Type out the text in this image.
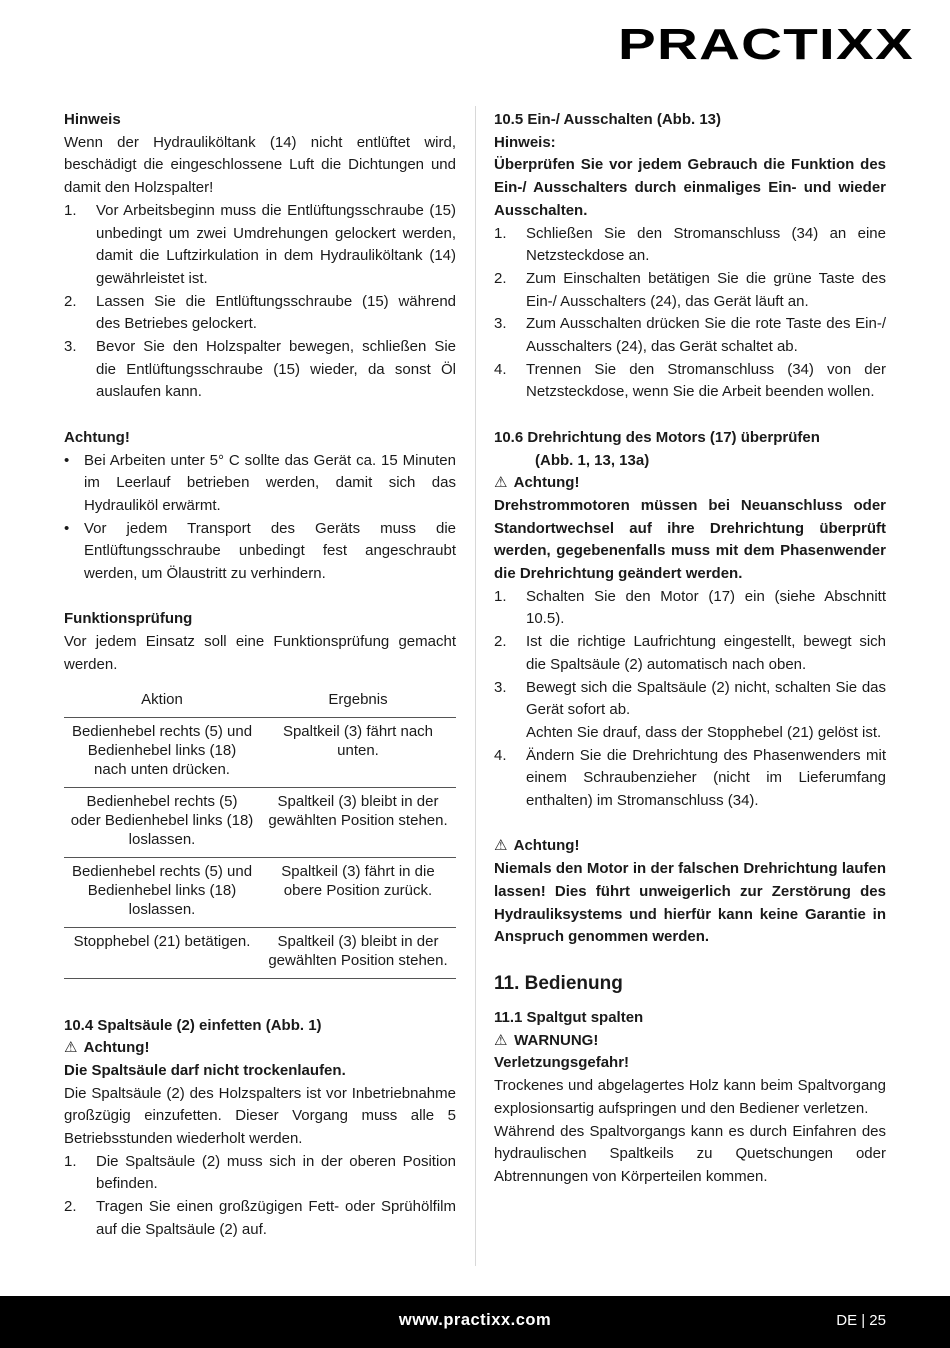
PRACTIXX

Hinweis

Wenn der Hydrauliköltank (14) nicht entlüftet wird, beschädigt die eingeschlossene Luft die Dichtungen und damit den Holzspalter!

1.	Vor Arbeitsbeginn muss die Entlüftungsschraube (15) unbedingt um zwei Umdrehungen gelockert werden, damit die Luftzirkulation in dem Hydrauliköltank (14) gewährleistet ist.
2.	Lassen Sie die Entlüftungsschraube (15) während des Betriebes gelockert.
3.	Bevor Sie den Holzspalter bewegen, schließen Sie die Entlüftungsschraube (15) wieder, da sonst Öl auslaufen kann.

Achtung!

• Bei Arbeiten unter 5° C sollte das Gerät ca. 15 Minuten im Leerlauf betrieben werden, damit sich das Hydrauliköl erwärmt.
• Vor jedem Transport des Geräts muss die Entlüftungsschraube unbedingt fest angeschraubt werden, um Ölaustritt zu verhindern.

Funktionsprüfung

Vor jedem Einsatz soll eine Funktionsprüfung gemacht werden.

Aktion	Ergebnis
Bedienhebel rechts (5) und Bedienhebel links (18) nach unten drücken.	Spaltkeil (3) fährt nach unten.
Bedienhebel rechts (5) oder Bedienhebel links (18) loslassen.	Spaltkeil (3) bleibt in der gewählten Position stehen.
Bedienhebel rechts (5) und Bedienhebel links (18) loslassen.	Spaltkeil (3) fährt in die obere Position zurück.
Stopphebel (21) betätigen.	Spaltkeil (3) bleibt in der gewählten Position stehen.

10.4 Spaltsäule (2) einfetten (Abb. 1)

⚠ Achtung!

Die Spaltsäule darf nicht trockenlaufen.

Die Spaltsäule (2) des Holzspalters ist vor Inbetriebnahme großzügig einzufetten. Dieser Vorgang muss alle 5 Betriebsstunden wiederholt werden.

1.	Die Spaltsäule (2) muss sich in der oberen Position befinden.
2.	Tragen Sie einen großzügigen Fett- oder Sprühölfilm auf die Spaltsäule (2) auf.

10.5 Ein-/ Ausschalten (Abb. 13)

Hinweis:

Überprüfen Sie vor jedem Gebrauch die Funktion des Ein-/ Ausschalters durch einmaliges Ein- und wieder Ausschalten.

1.	Schließen Sie den Stromanschluss (34) an eine Netzsteckdose an.
2.	Zum Einschalten betätigen Sie die grüne Taste des Ein-/ Ausschalters (24), das Gerät läuft an.
3.	Zum Ausschalten drücken Sie die rote Taste des Ein-/ Ausschalters (24), das Gerät schaltet ab.
4.	Trennen Sie den Stromanschluss (34) von der Netzsteckdose, wenn Sie die Arbeit beenden wollen.

10.6 Drehrichtung des Motors (17) überprüfen

(Abb. 1, 13, 13a)

⚠ Achtung!

Drehstrommotoren müssen bei Neuanschluss oder Standortwechsel auf ihre Drehrichtung überprüft werden, gegebenenfalls muss mit dem Phasenwender die Drehrichtung geändert werden.

1.	Schalten Sie den Motor (17) ein (siehe Abschnitt 10.5).
2.	Ist die richtige Laufrichtung eingestellt, bewegt sich die Spaltsäule (2) automatisch nach oben.
3.	Bewegt sich die Spaltsäule (2) nicht, schalten Sie das Gerät sofort ab.
Achten Sie drauf, dass der Stopphebel (21) gelöst ist.
4.	Ändern Sie die Drehrichtung des Phasenwenders mit einem Schraubenzieher (nicht im Lieferumfang enthalten) im Stromanschluss (34).

⚠ Achtung!

Niemals den Motor in der falschen Drehrichtung laufen lassen! Dies führt unweigerlich zur Zerstörung des Hydrauliksystems und hierfür kann keine Garantie in Anspruch genommen werden.

11. Bedienung

11.1 Spaltgut spalten

⚠ WARNUNG!

Verletzungsgefahr!

Trockenes und abgelagertes Holz kann beim Spaltvorgang explosionsartig aufspringen und den Bediener verletzen.

Während des Spaltvorgangs kann es durch Einfahren des hydraulischen Spaltkeils zu Quetschungen oder Abtrennungen von Körperteilen kommen.

www.practixx.com	DE | 25
